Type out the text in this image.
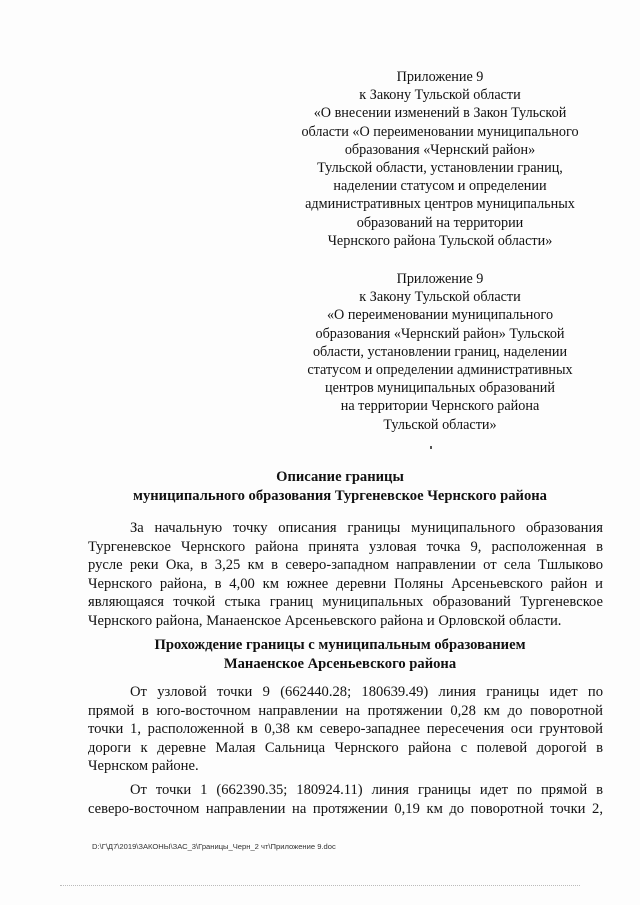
Приложение 9
к Закону Тульской области
«О внесении изменений в Закон Тульской
области «О переименовании муниципального
образования «Чернский район»
Тульской области, установлении границ,
наделении статусом и определении
административных центров муниципальных
образований на территории
Чернского района Тульской области»
Приложение 9
к Закону Тульской области
«О переименовании муниципального
образования «Чернский район» Тульской
области, установлении границ, наделении
статусом и определении административных
центров муниципальных образований
на территории Чернского района
Тульской области»
Описание границы
муниципального образования Тургеневское Чернского района
За начальную точку описания границы муниципального образования
Тургеневское Чернского района принята узловая точка 9, расположенная в
русле реки Ока, в 3,25 км в северо-западном направлении от села Тшлыково
Чернского района, в 4,00 км южнее деревни Поляны Арсеньевского район и
являющаяся точкой стыка границ муниципальных образований Тургеневское
Чернского района, Манаенское Арсеньевского района и Орловской области.
Прохождение границы с муниципальным образованием
Манаенское Арсеньевского района
От узловой точки 9 (662440.28; 180639.49) линия границы идет по
прямой в юго-восточном направлении на протяжении 0,28 км до поворотной
точки 1, расположенной в 0,38 км северо-западнее пересечения оси грунтовой
дороги к деревне Малая Сальница Чернского района с полевой дорогой в
Чернском районе.
От точки 1 (662390.35; 180924.11) линия границы идет по прямой в
северо-восточном направлении на протяжении 0,19 км до поворотной точки 2,
D:\Г\Д7\2019\ЗАКОНЫ\ЗАС_3\Границы_Черн_2 чт\Приложение 9.doc
